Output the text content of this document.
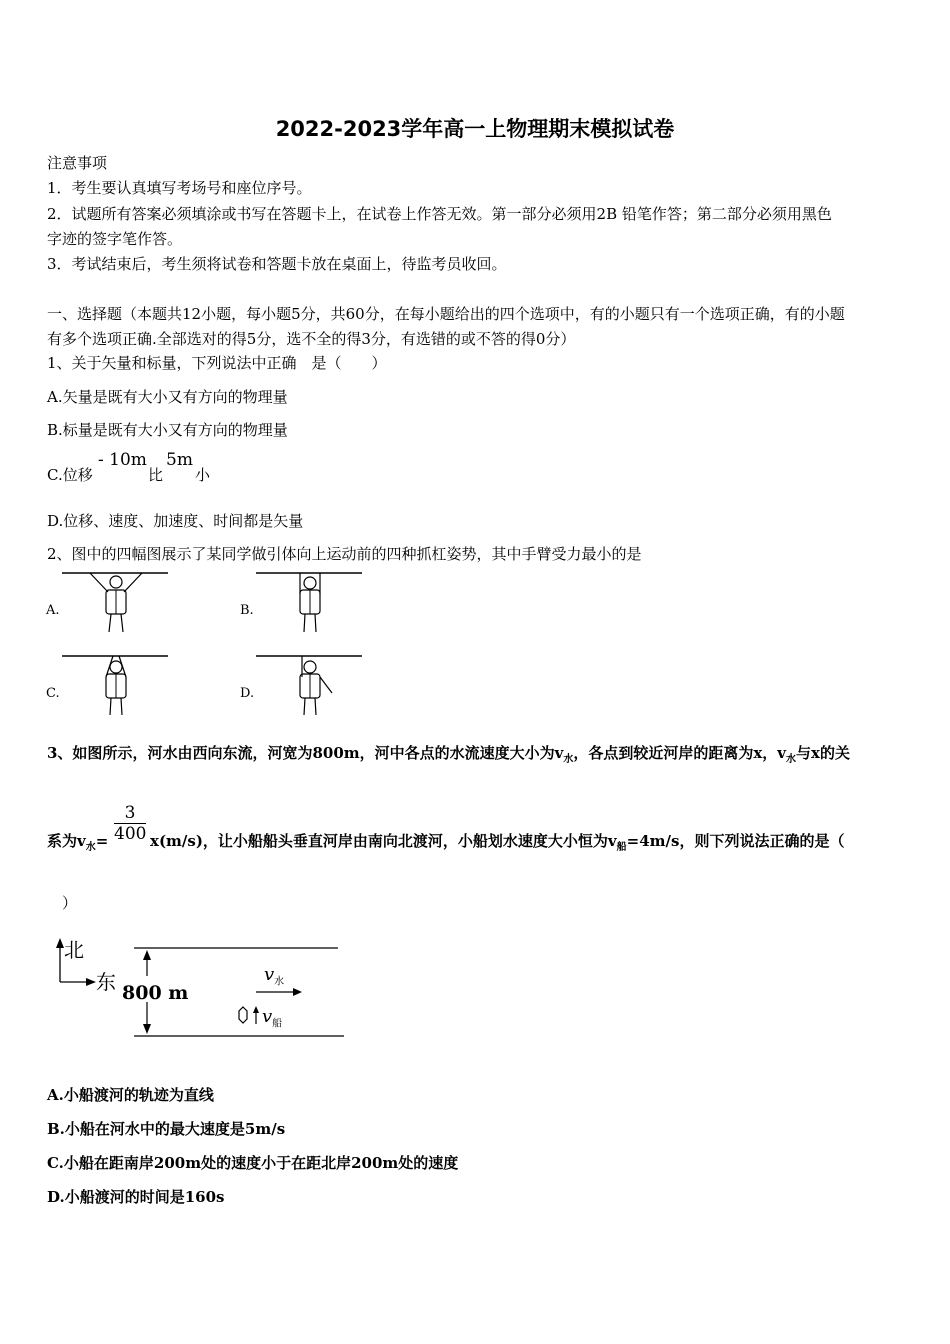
2022-2023学年高一上物理期末模拟试卷
注意事项
1．考生要认真填写考场号和座位序号。
2．试题所有答案必须填涂或书写在答题卡上，在试卷上作答无效。第一部分必须用2B 铅笔作答；第二部分必须用黑色
字迹的签字笔作答。
3．考试结束后，考生须将试卷和答题卡放在桌面上，待监考员收回。
一、选择题（本题共12小题，每小题5分，共60分，在每小题给出的四个选项中，有的小题只有一个选项正确，有的小题
有多个选项正确.全部选对的得5分，选不全的得3分，有选错的或不答的得0分）
1、关于矢量和标量，下列说法中正确　是（　　）
A.矢量是既有大小又有方向的物理量
B.标量是既有大小又有方向的物理量
C.位移
- 10m
比
5m
小
D.位移、速度、加速度、时间都是矢量
2、图中的四幅图展示了某同学做引体向上运动前的四种抓杠姿势，其中手臂受力最小的是
A.	B.
C.	D.
3、如图所示，河水由西向东流，河宽为800m，河中各点的水流速度大小为$v_水$，各点到较近河岸的距离为x，$v_水$与x的关
系为$v_水= \frac{3}{400} x(m/s)$，让小船船头垂直河岸由南向北渡河，小船划水速度大小恒为$v_船=4m/s$，则下列说法正确的是（
）
北
东 800 m
$v_水$
$v_船$
A.小船渡河的轨迹为直线
B.小船在河水中的最大速度是5m/s
C.小船在距南岸200m处的速度小于在距北岸200m处的速度
D.小船渡河的时间是160s
